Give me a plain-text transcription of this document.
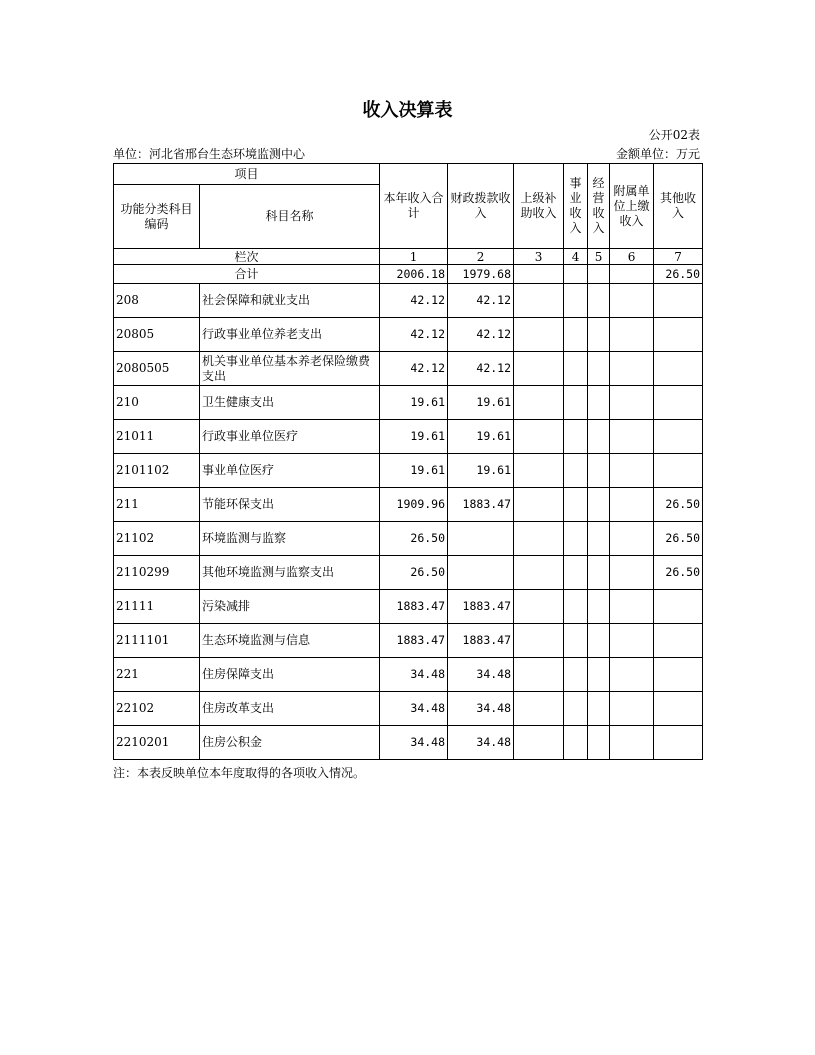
收入决算表
公开02表
单位：河北省邢台生态环境监测中心	金额单位：万元
项目		本年收入合计	财政拨款收入	上级补助收入	事业收入	经营收入	附属单位上缴收入	其他收入
功能分类科目编码	科目名称							
栏次		1	2	3	4	5	6	7
合计		2006.18	1979.68					26.50
208	社会保障和就业支出	42.12	42.12					
20805	行政事业单位养老支出	42.12	42.12					
2080505	机关事业单位基本养老保险缴费支出	42.12	42.12					
210	卫生健康支出	19.61	19.61					
21011	行政事业单位医疗	19.61	19.61					
2101102	事业单位医疗	19.61	19.61					
211	节能环保支出	1909.96	1883.47					26.50
21102	环境监测与监察	26.50						26.50
2110299	其他环境监测与监察支出	26.50						26.50
21111	污染减排	1883.47	1883.47					
2111101	生态环境监测与信息	1883.47	1883.47					
221	住房保障支出	34.48	34.48					
22102	住房改革支出	34.48	34.48					
2210201	住房公积金	34.48	34.48					
注：本表反映单位本年度取得的各项收入情况。
